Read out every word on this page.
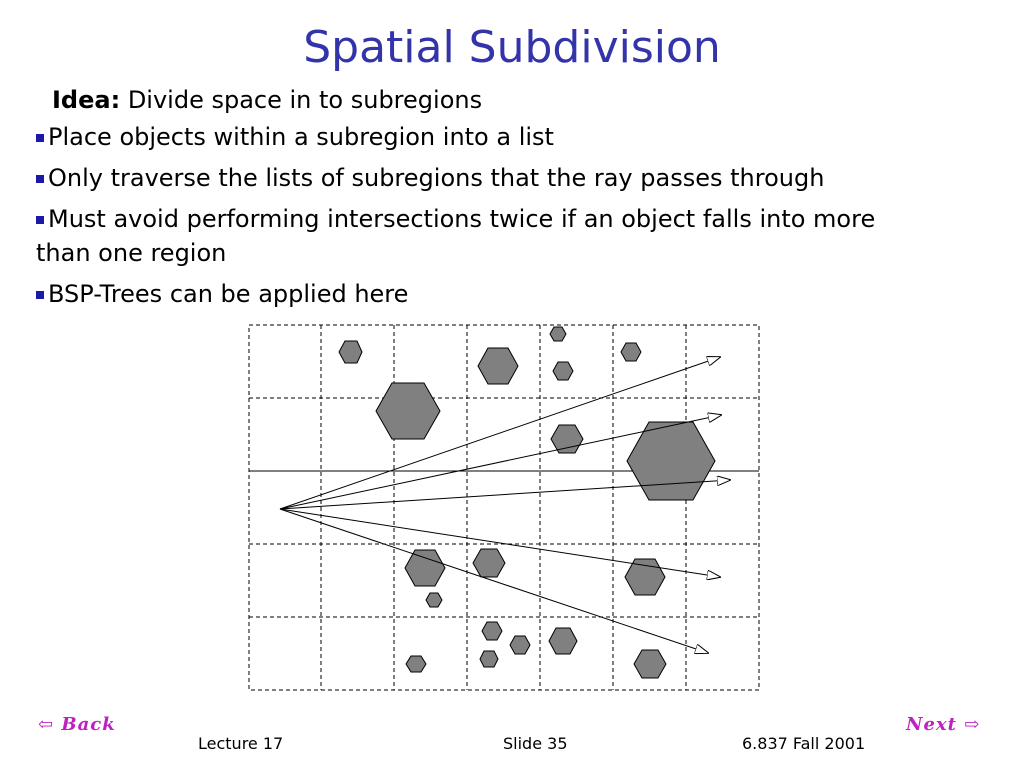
Spatial Subdivision
Idea: Divide space in to subregions
Place objects within a subregion into a list
Only traverse the lists of subregions that the ray passes through
Must avoid performing intersections twice if an object falls into more than one region
BSP-Trees can be applied here
⇦ Back	Next ⇨
Lecture 17	Slide 35	6.837 Fall 2001
